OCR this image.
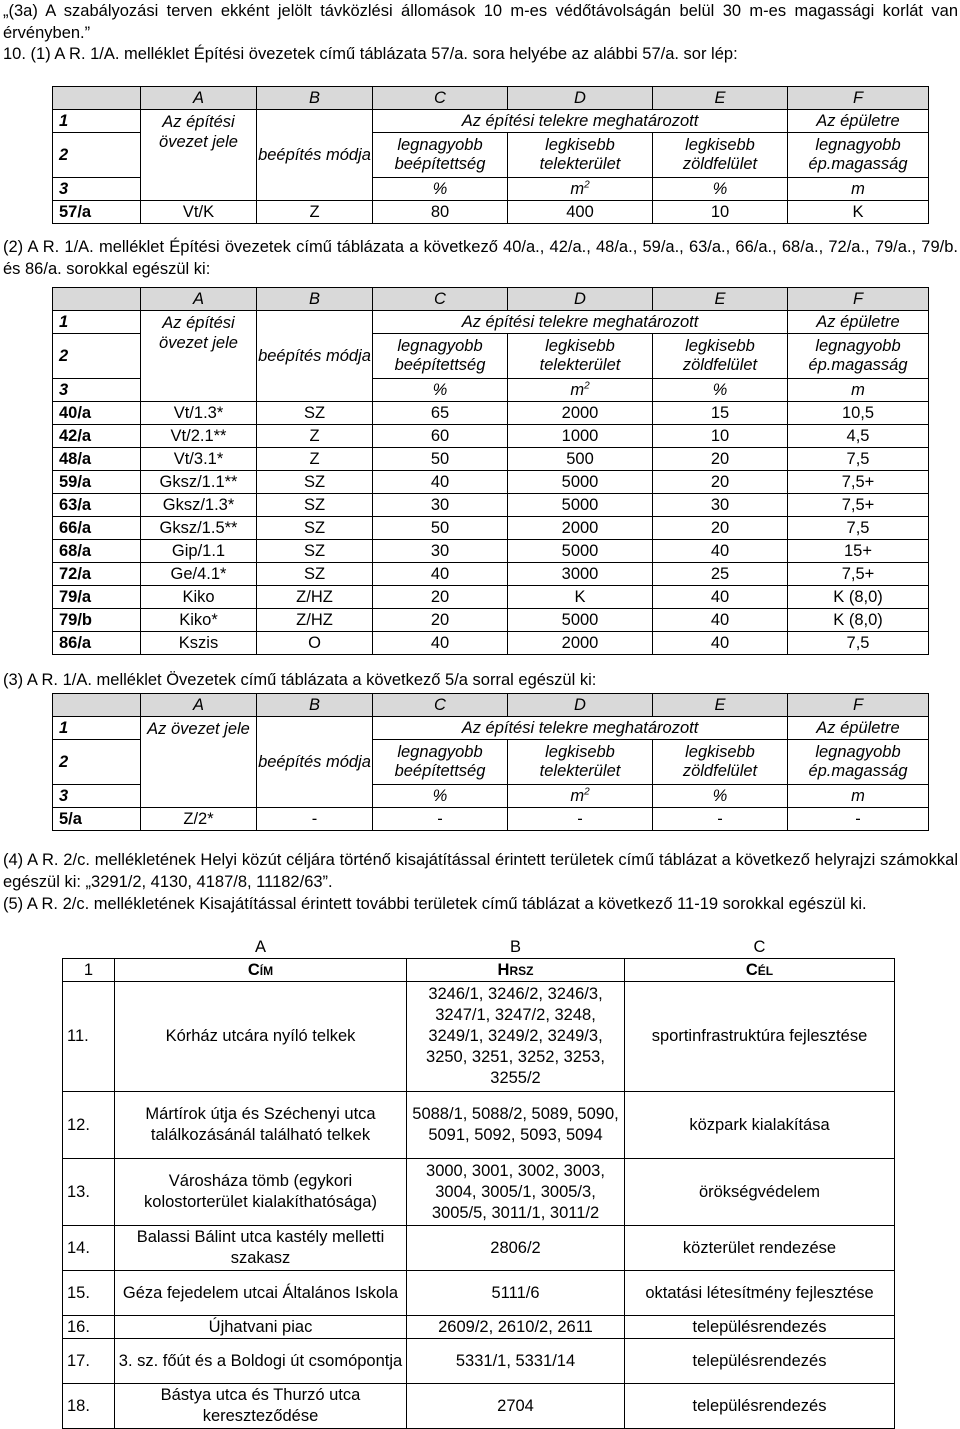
„(3a) A szabályozási terven ekként jelölt távközlési állomások 10 m-es védőtávolságán belül 30 m-es magassági korlát van érvényben.”
10. (1) A R. 1/A. melléklet Építési övezetek című táblázata 57/a. sora helyébe az alábbi 57/a. sor lép:
	A	B	C	D	E	F
1	Az építési övezet jele	beépítés módja	Az építési telekre meghatározott			Az épületre
2			legnagyobb beépítettség	legkisebb telekterület	legkisebb zöldfelület	legnagyobb ép.magasság
3			%	$m^2$	%	m
57/a	Vt/K	Z	80	400	10	K
(2) A R. 1/A. melléklet Építési övezetek című táblázata a következő 40/a., 42/a., 48/a., 59/a., 63/a., 66/a., 68/a., 72/a., 79/a., 79/b. és 86/a. sorokkal egészül ki:
	A	B	C	D	E	F
1	Az építési övezet jele	beépítés módja	Az építési telekre meghatározott			Az épületre
2			legnagyobb beépítettség	legkisebb telekterület	legkisebb zöldfelület	legnagyobb ép.magasság
3			%	$m^2$	%	m
40/a	Vt/1.3*	SZ	65	2000	15	10,5
42/a	Vt/2.1**	Z	60	1000	10	4,5
48/a	Vt/3.1*	Z	50	500	20	7,5
59/a	Gksz/1.1**	SZ	40	5000	20	7,5+
63/a	Gksz/1.3*	SZ	30	5000	30	7,5+
66/a	Gksz/1.5**	SZ	50	2000	20	7,5
68/a	Gip/1.1	SZ	30	5000	40	15+
72/a	Ge/4.1*	SZ	40	3000	25	7,5+
79/a	Kiko	Z/HZ	20	K	40	K (8,0)
79/b	Kiko*	Z/HZ	20	5000	40	K (8,0)
86/a	Kszis	O	40	2000	40	7,5
(3) A R. 1/A. melléklet Övezetek című táblázata a következő 5/a sorral egészül ki:
	A	B	C	D	E	F
1	Az övezet jele	beépítés módja	Az építési telekre meghatározott			Az épületre
2			legnagyobb beépítettség	legkisebb telekterület	legkisebb zöldfelület	legnagyobb ép.magasság
3			%	$m^2$	%	m
5/a	Z/2*	-	-	-	-	-
(4) A R. 2/c. mellékletének Helyi közút céljára történő kisajátítással érintett területek című táblázat a következő helyrajzi számokkal egészül ki: „3291/2, 4130, 4187/8, 11182/63”.
(5) A R. 2/c. mellékletének Kisajátítással érintett további területek című táblázat a következő 11-19 sorokkal egészül ki.
	A	B	C
1	Cím	Hrsz	Cél
11.	Kórház utcára nyíló telkek	3246/1, 3246/2, 3246/3, 3247/1, 3247/2, 3248, 3249/1, 3249/2, 3249/3, 3250, 3251, 3252, 3253, 3255/2	sportinfrastruktúra fejlesztése
12.	Mártírok útja és Széchenyi utca találkozásánál található telkek	5088/1, 5088/2, 5089, 5090, 5091, 5092, 5093, 5094	közpark kialakítása
13.	Városháza tömb (egykori kolostorterület kialakíthatósága)	3000, 3001, 3002, 3003, 3004, 3005/1, 3005/3, 3005/5, 3011/1, 3011/2	örökségvédelem
14.	Balassi Bálint utca kastély melletti szakasz	2806/2	közterület rendezése
15.	Géza fejedelem utcai Általános Iskola	5111/6	oktatási létesítmény fejlesztése
16.	Újhatvani piac	2609/2, 2610/2, 2611	településrendezés
17.	3. sz. főút és a Boldogi út csomópontja	5331/1, 5331/14	településrendezés
18.	Bástya utca és Thurzó utca kereszteződése	2704	településrendezés
